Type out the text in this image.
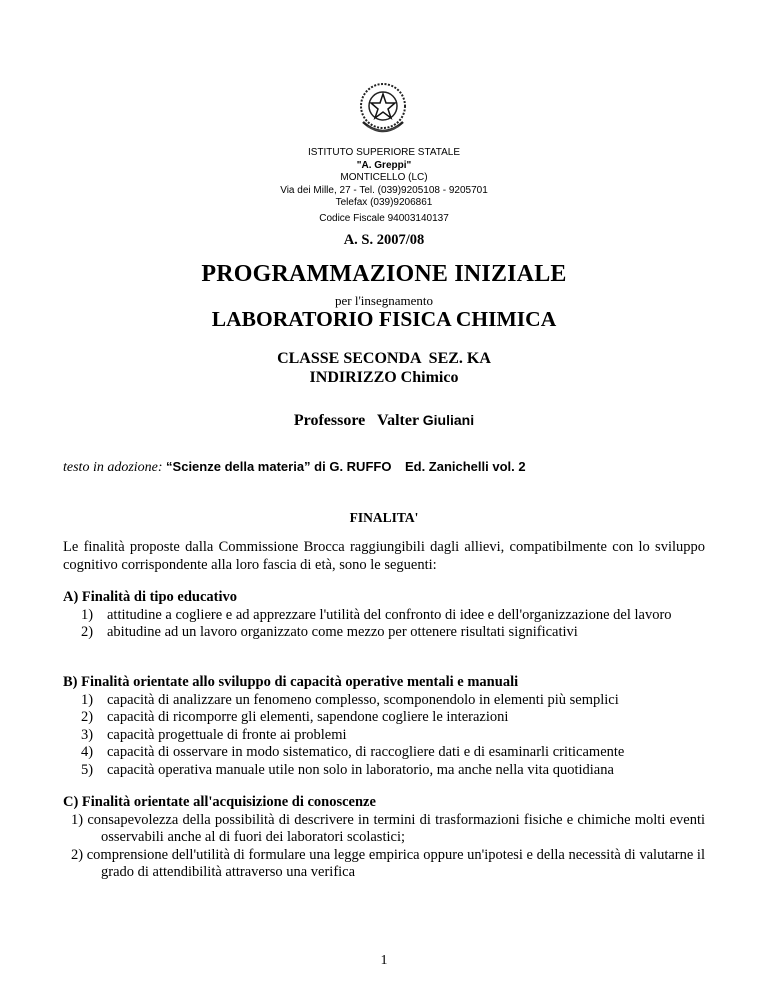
ISTITUTO SUPERIORE STATALE
"A. Greppi"
MONTICELLO (LC)
Via dei Mille, 27 - Tel. (039)9205108 - 9205701
Telefax (039)9206861
Codice Fiscale 94003140137
A. S. 2007/08
PROGRAMMAZIONE INIZIALE
per l'insegnamento
LABORATORIO FISICA CHIMICA
CLASSE SECONDA  SEZ. KA
INDIRIZZO Chimico
Professore Valter Giuliani
testo in adozione: “Scienze della materia” di G. RUFFO Ed. Zanichelli vol. 2
FINALITA'
Le finalità proposte dalla Commissione Brocca raggiungibili dagli allievi, compatibilmente con lo sviluppo cognitivo corrispondente alla loro fascia di età, sono le seguenti:
A) Finalità di tipo educativo
1) attitudine a cogliere e ad apprezzare l'utilità del confronto di idee e dell'organizzazione del lavoro
2) abitudine ad un lavoro organizzato come mezzo per ottenere risultati significativi
B) Finalità orientate allo sviluppo di capacità operative mentali e manuali
1) capacità di analizzare un fenomeno complesso, scomponendolo in elementi più semplici
2) capacità di ricomporre gli elementi, sapendone cogliere le interazioni
3) capacità progettuale di fronte ai problemi
4) capacità di osservare in modo sistematico, di raccogliere dati e di esaminarli criticamente
5) capacità operativa manuale utile non solo in laboratorio, ma anche nella vita quotidiana
C) Finalità orientate all'acquisizione di conoscenze
1) consapevolezza della possibilità di descrivere in termini di trasformazioni fisiche e chimiche molti eventi osservabili anche al di fuori dei laboratori scolastici;
2) comprensione dell'utilità di formulare una legge empirica oppure un'ipotesi e della necessità di valutarne il grado di attendibilità attraverso una verifica
1
